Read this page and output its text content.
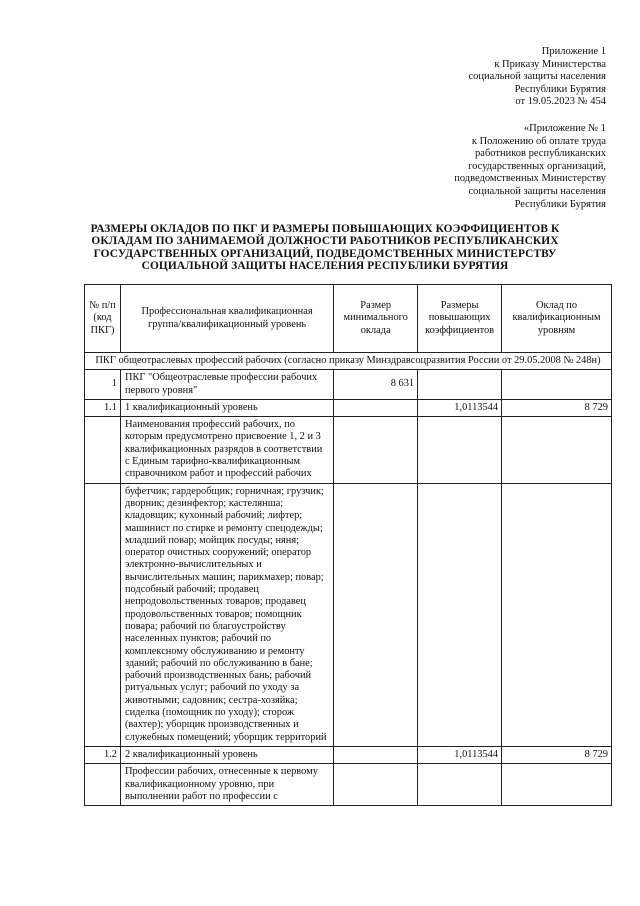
Приложение 1
к Приказу Министерства
социальной защиты населения
Республики Бурятия
от 19.05.2023 № 454
«Приложение № 1
к Положению об оплате труда
работников республиканских
государственных организаций,
подведомственных Министерству
социальной защиты населения
Республики Бурятия
РАЗМЕРЫ ОКЛАДОВ ПО ПКГ И РАЗМЕРЫ ПОВЫШАЮЩИХ КОЭФФИЦИЕНТОВ К ОКЛАДАМ ПО ЗАНИМАЕМОЙ ДОЛЖНОСТИ РАБОТНИКОВ РЕСПУБЛИКАНСКИХ ГОСУДАРСТВЕННЫХ ОРГАНИЗАЦИЙ, ПОДВЕДОМСТВЕННЫХ МИНИСТЕРСТВУ СОЦИАЛЬНОЙ ЗАЩИТЫ НАСЕЛЕНИЯ РЕСПУБЛИКИ БУРЯТИЯ
№ п/п (код ПКГ)	Профессиональная квалификационная группа/квалификационный уровень	Размер минимального оклада	Размеры повышающих коэффициентов	Оклад по квалификационным уровням
ПКГ общеотраслевых профессий рабочих (согласно приказу Минздравсоцразвития России от 29.05.2008 № 248н)				
1	ПКГ "Общеотраслевые профессии рабочих первого уровня"	8 631		
1.1	1 квалификационный уровень		1,0113544	8 729
	Наименования профессий рабочих, по которым предусмотрено присвоение 1, 2 и 3 квалификационных разрядов в соответствии с Единым тарифно-квалификационным справочником работ и профессий рабочих			
	буфетчик; гардеробщик; горничная; грузчик; дворник; дезинфектор; кастелянша; кладовщик; кухонный рабочий; лифтер; машинист по стирке и ремонту спецодежды; младший повар; мойщик посуды; няня; оператор очистных сооружений; оператор электронно-вычислительных и вычислительных машин; парикмахер; повар; подсобный рабочий; продавец непродовольственных товаров; продавец продовольственных товаров; помощник повара; рабочий по благоустройству населенных пунктов; рабочий по комплексному обслуживанию и ремонту зданий; рабочий по обслуживанию в бане; рабочий производственных бань; рабочий ритуальных услуг; рабочий по уходу за животными; садовник; сестра-хозяйка; сиделка (помощник по уходу); сторож (вахтер); уборщик производственных и служебных помещений; уборщик территорий			
1.2	2 квалификационный уровень		1,0113544	8 729
	Профессии рабочих, отнесенные к первому квалификационному уровню, при выполнении работ по профессии с			
